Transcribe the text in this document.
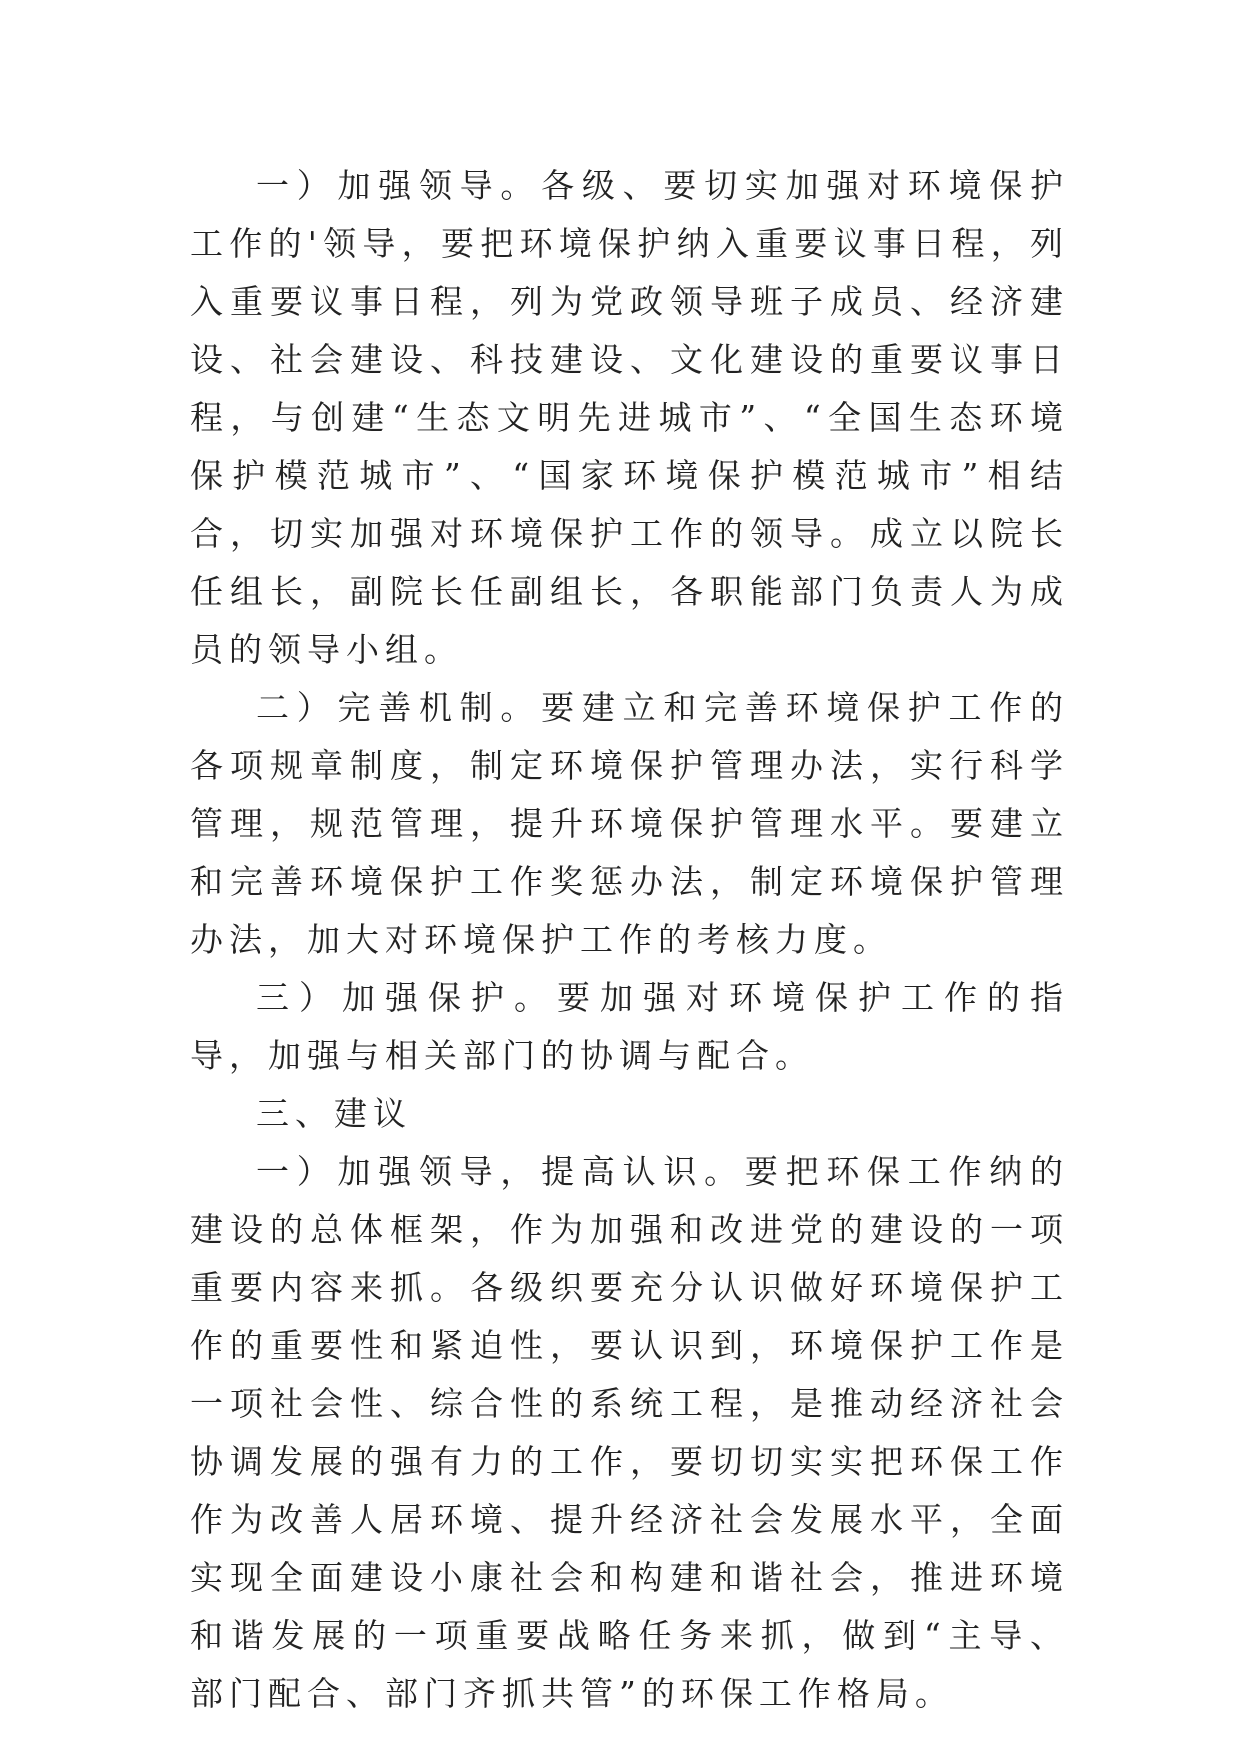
一）加强领导。各级、要切实加强对环境保护工作的'领导，要把环境保护纳入重要议事日程，列入重要议事日程，列为党政领导班子成员、经济建设、社会建设、科技建设、文化建设的重要议事日程，与创建“生态文明先进城市”、“全国生态环境保护模范城市”、“国家环境保护模范城市”相结合，切实加强对环境保护工作的领导。成立以院长任组长，副院长任副组长，各职能部门负责人为成员的领导小组。

二）完善机制。要建立和完善环境保护工作的各项规章制度，制定环境保护管理办法，实行科学管理，规范管理，提升环境保护管理水平。要建立和完善环境保护工作奖惩办法，制定环境保护管理办法，加大对环境保护工作的考核力度。

三）加强保护。要加强对环境保护工作的指导，加强与相关部门的协调与配合。

三、建议

一）加强领导，提高认识。要把环保工作纳的建设的总体框架，作为加强和改进党的建设的一项重要内容来抓。各级织要充分认识做好环境保护工作的重要性和紧迫性，要认识到，环境保护工作是一项社会性、综合性的系统工程，是推动经济社会协调发展的强有力的工作，要切切实实把环保工作作为改善人居环境、提升经济社会发展水平，全面实现全面建设小康社会和构建和谐社会，推进环境和谐发展的一项重要战略任务来抓，做到“主导、部门配合、部门齐抓共管”的环保工作格局。
